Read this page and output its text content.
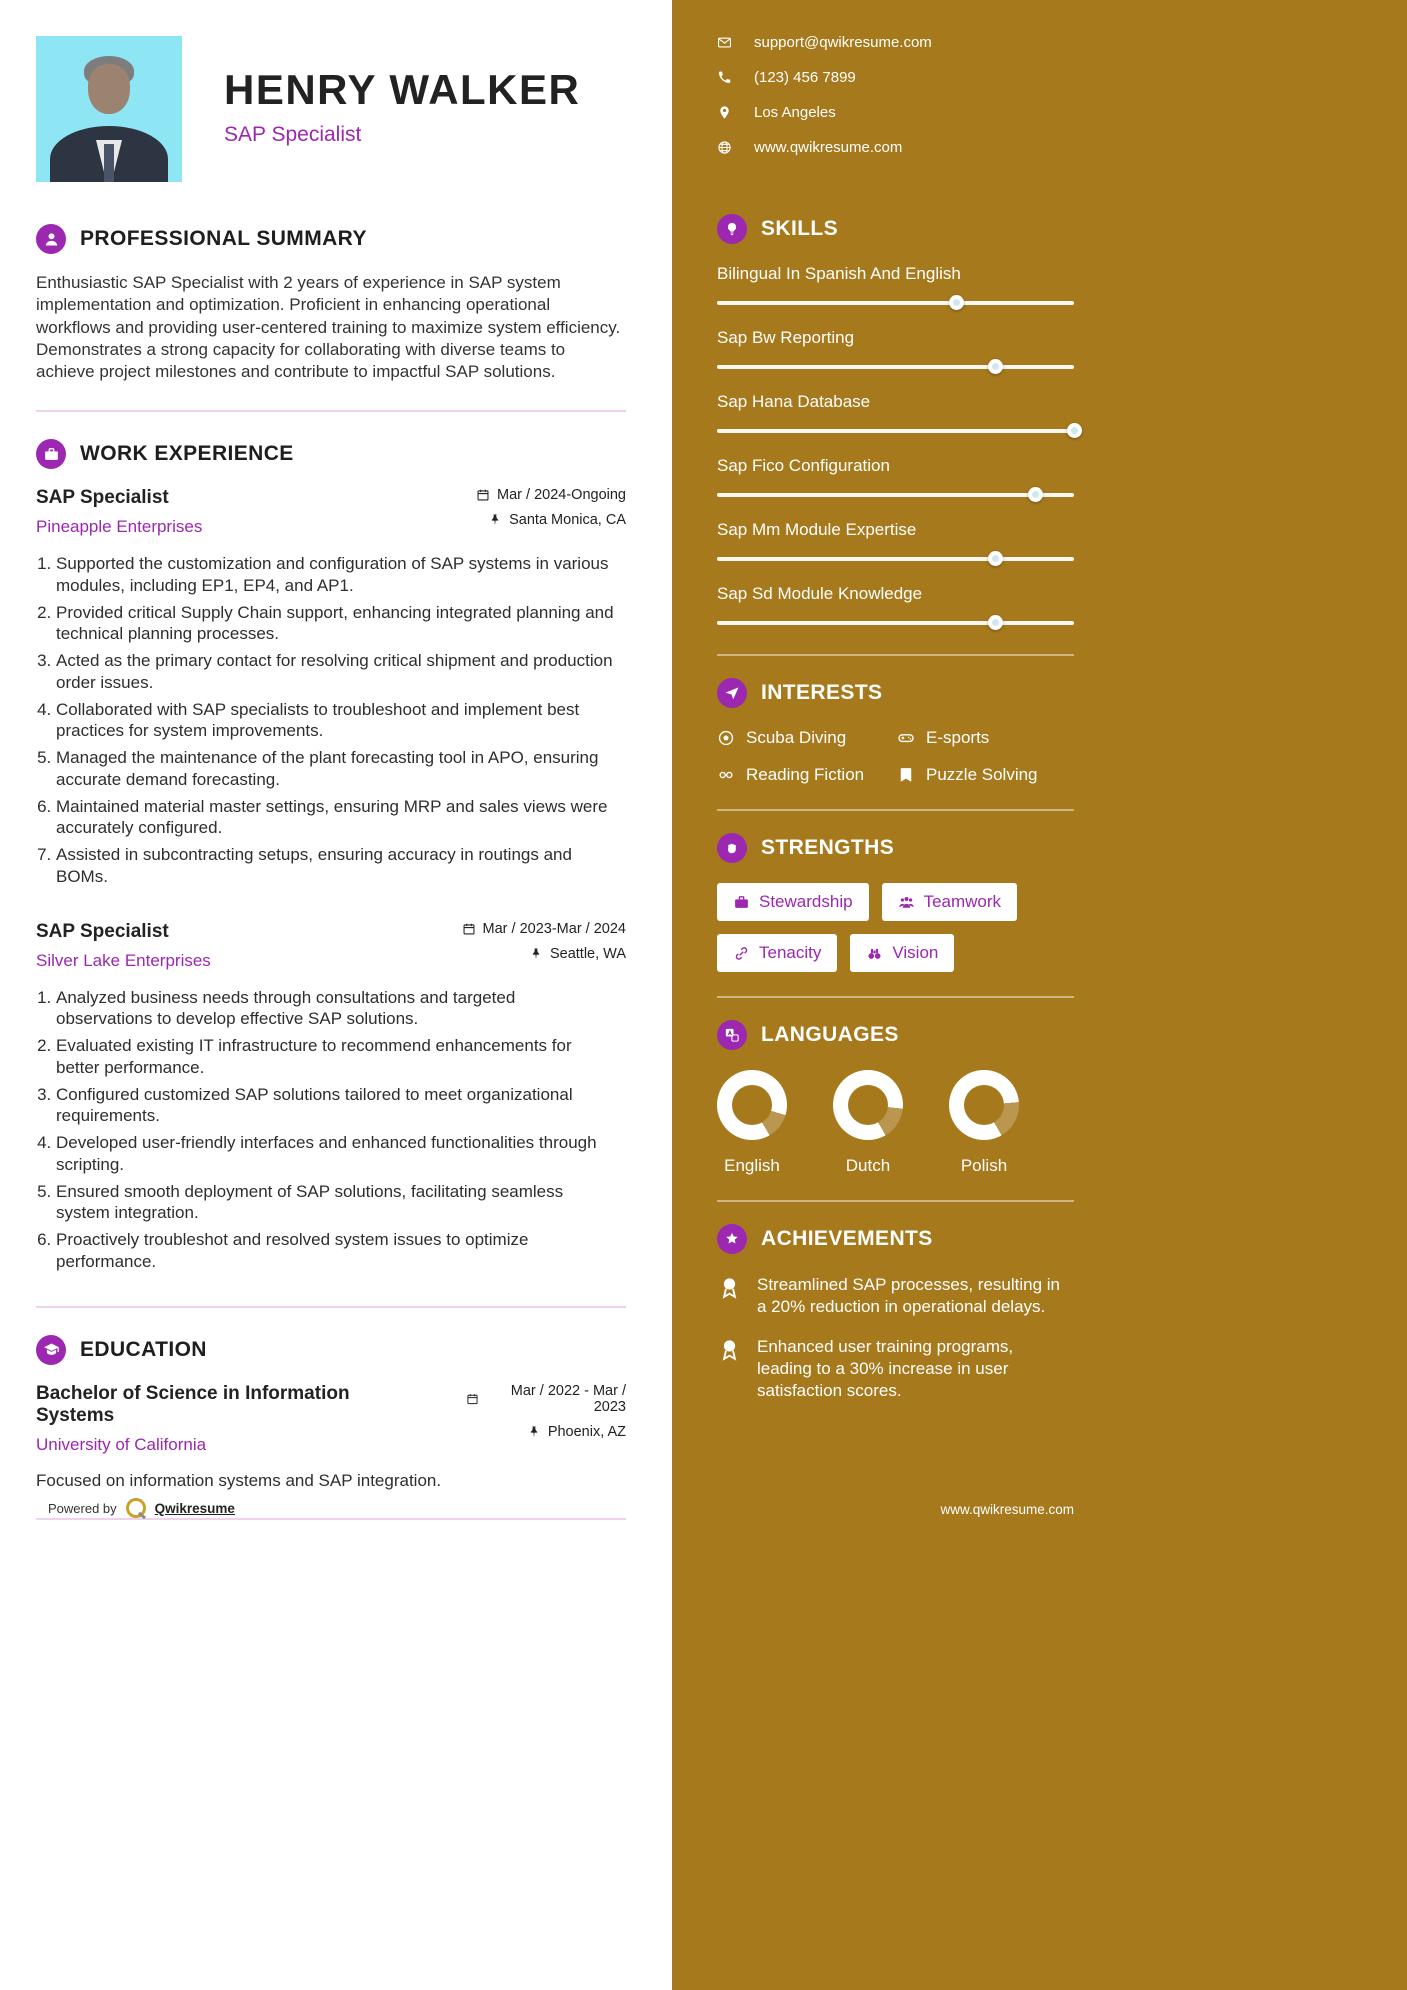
HENRY WALKER
SAP Specialist
PROFESSIONAL SUMMARY

Enthusiastic SAP Specialist with 2 years of experience in SAP system implementation and optimization. Proficient in enhancing operational workflows and providing user-centered training to maximize system efficiency. Demonstrates a strong capacity for collaborating with diverse teams to achieve project milestones and contribute to impactful SAP solutions.

WORK EXPERIENCE
SAP Specialist
Pineapple Enterprises
Mar / 2024-Ongoing
Santa Monica, CA
1. Supported the customization and configuration of SAP systems in various modules, including EP1, EP4, and AP1.
2. Provided critical Supply Chain support, enhancing integrated planning and technical planning processes.
3. Acted as the primary contact for resolving critical shipment and production order issues.
4. Collaborated with SAP specialists to troubleshoot and implement best practices for system improvements.
5. Managed the maintenance of the plant forecasting tool in APO, ensuring accurate demand forecasting.
6. Maintained material master settings, ensuring MRP and sales views were accurately configured.
7. Assisted in subcontracting setups, ensuring accuracy in routings and BOMs.
SAP Specialist
Silver Lake Enterprises
Mar / 2023-Mar / 2024
Seattle, WA
1. Analyzed business needs through consultations and targeted observations to develop effective SAP solutions.
2. Evaluated existing IT infrastructure to recommend enhancements for better performance.
3. Configured customized SAP solutions tailored to meet organizational requirements.
4. Developed user-friendly interfaces and enhanced functionalities through scripting.
5. Ensured smooth deployment of SAP solutions, facilitating seamless system integration.
6. Proactively troubleshot and resolved system issues to optimize performance.
EDUCATION
Bachelor of Science in Information Systems
University of California
Mar / 2022 - Mar / 2023
Phoenix, AZ

Focused on information systems and SAP integration.

Powered by	Qwikresume
support@qwikresume.com
(123) 456 7899
Los Angeles
www.qwikresume.com
SKILLS
Bilingual In Spanish And English
Sap Bw Reporting
Sap Hana Database
Sap Fico Configuration
Sap Mm Module Expertise
Sap Sd Module Knowledge
INTERESTS
Scuba Diving	E-sports
Reading Fiction	Puzzle Solving
STRENGTHS
Stewardship	Teamwork
Tenacity	Vision
LANGUAGES
English	Dutch	Polish
ACHIEVEMENTS

Streamlined SAP processes, resulting in a 20% reduction in operational delays.

Enhanced user training programs, leading to a 30% increase in user satisfaction scores.

www.qwikresume.com
